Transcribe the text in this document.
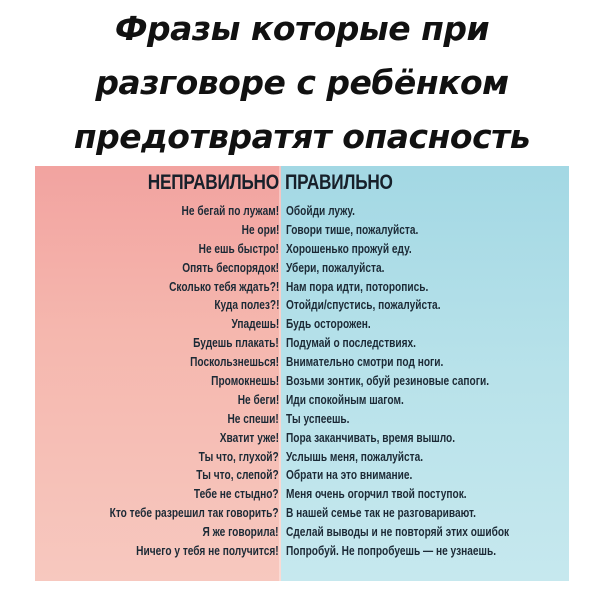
Фразы которые при
разговоре с ребёнком
предотвратят опасность
НЕПРАВИЛЬНО ПРАВИЛЬНО
Не бегай по лужам! Обойди лужу.
Не ори! Говори тише, пожалуйста.
Не ешь быстро! Хорошенько прожуй еду.
Опять беспорядок! Убери, пожалуйста.
Сколько тебя ждать?! Нам пора идти, поторопись.
Куда полез?! Отойди/спустись, пожалуйста.
Упадешь! Будь осторожен.
Будешь плакать! Подумай о последствиях.
Поскользнешься! Внимательно смотри под ноги.
Промокнешь! Возьми зонтик, обуй резиновые сапоги.
Не беги! Иди спокойным шагом.
Не спеши! Ты успеешь.
Хватит уже! Пора заканчивать, время вышло.
Ты что, глухой? Услышь меня, пожалуйста.
Ты что, слепой? Обрати на это внимание.
Тебе не стыдно? Меня очень огорчил твой поступок.
Кто тебе разрешил так говорить? В нашей семье так не разговаривают.
Я же говорила! Сделай выводы и не повторяй этих ошибок
Ничего у тебя не получится! Попробуй. Не попробуешь — не узнаешь.
